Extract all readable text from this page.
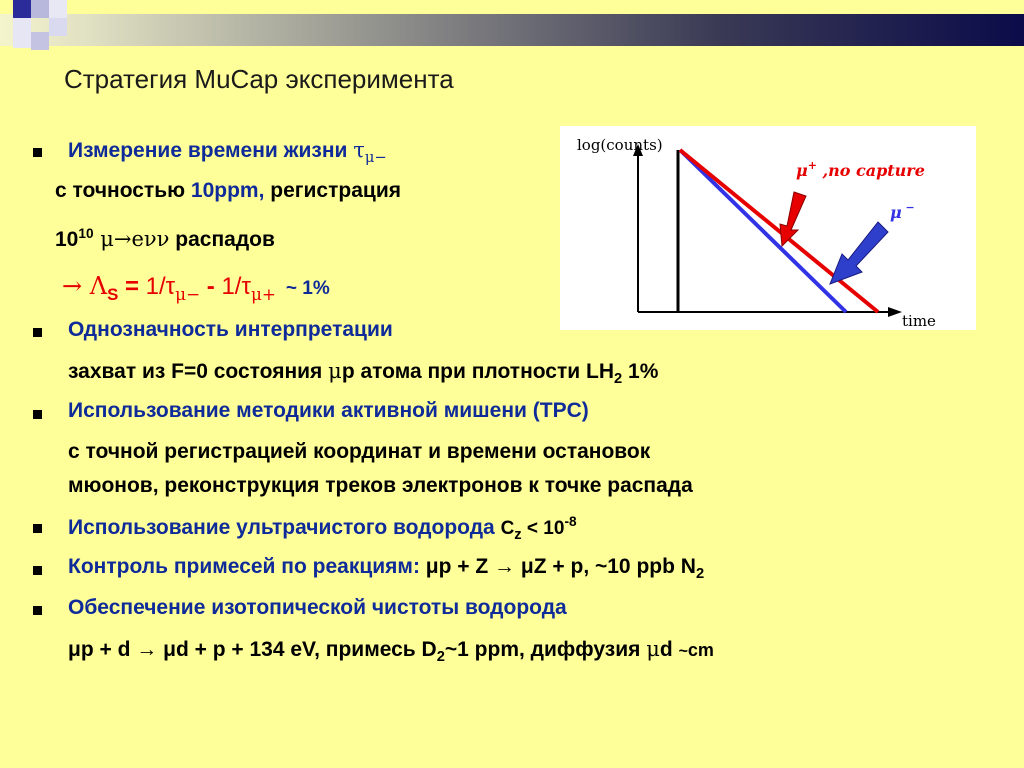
Стратегия MuCap эксперимента
Измерение времени жизни $\tau_{\mu-}$
с точностью 10ppm, регистрация
$10^{10}$ μ→eνν распадов
→ $\Lambda_S = 1/\tau_{\mu-} - 1/\tau_{\mu+}$ ~ 1%
Однозначность интерпретации
захват из F=0 состояния μp атома при плотности $LH_2$ 1%
Использование методики активной мишени (TPC)
с точной регистрацией координат и времени остановок
мюонов, реконструкция треков электронов к точке распада
Использование ультрачистого водорода $C_z < 10^{-8}$
Контроль примесей по реакциям: μp + Z → μZ + p, ~10 ppb $N_2$
Обеспечение изотопической чистоты водорода
μp + d → μd + p + 134 eV, примесь $D_2\sim 1$ ppm, диффузия μd ~cm
log(counts)
time
μ+ ,no capture
μ −
